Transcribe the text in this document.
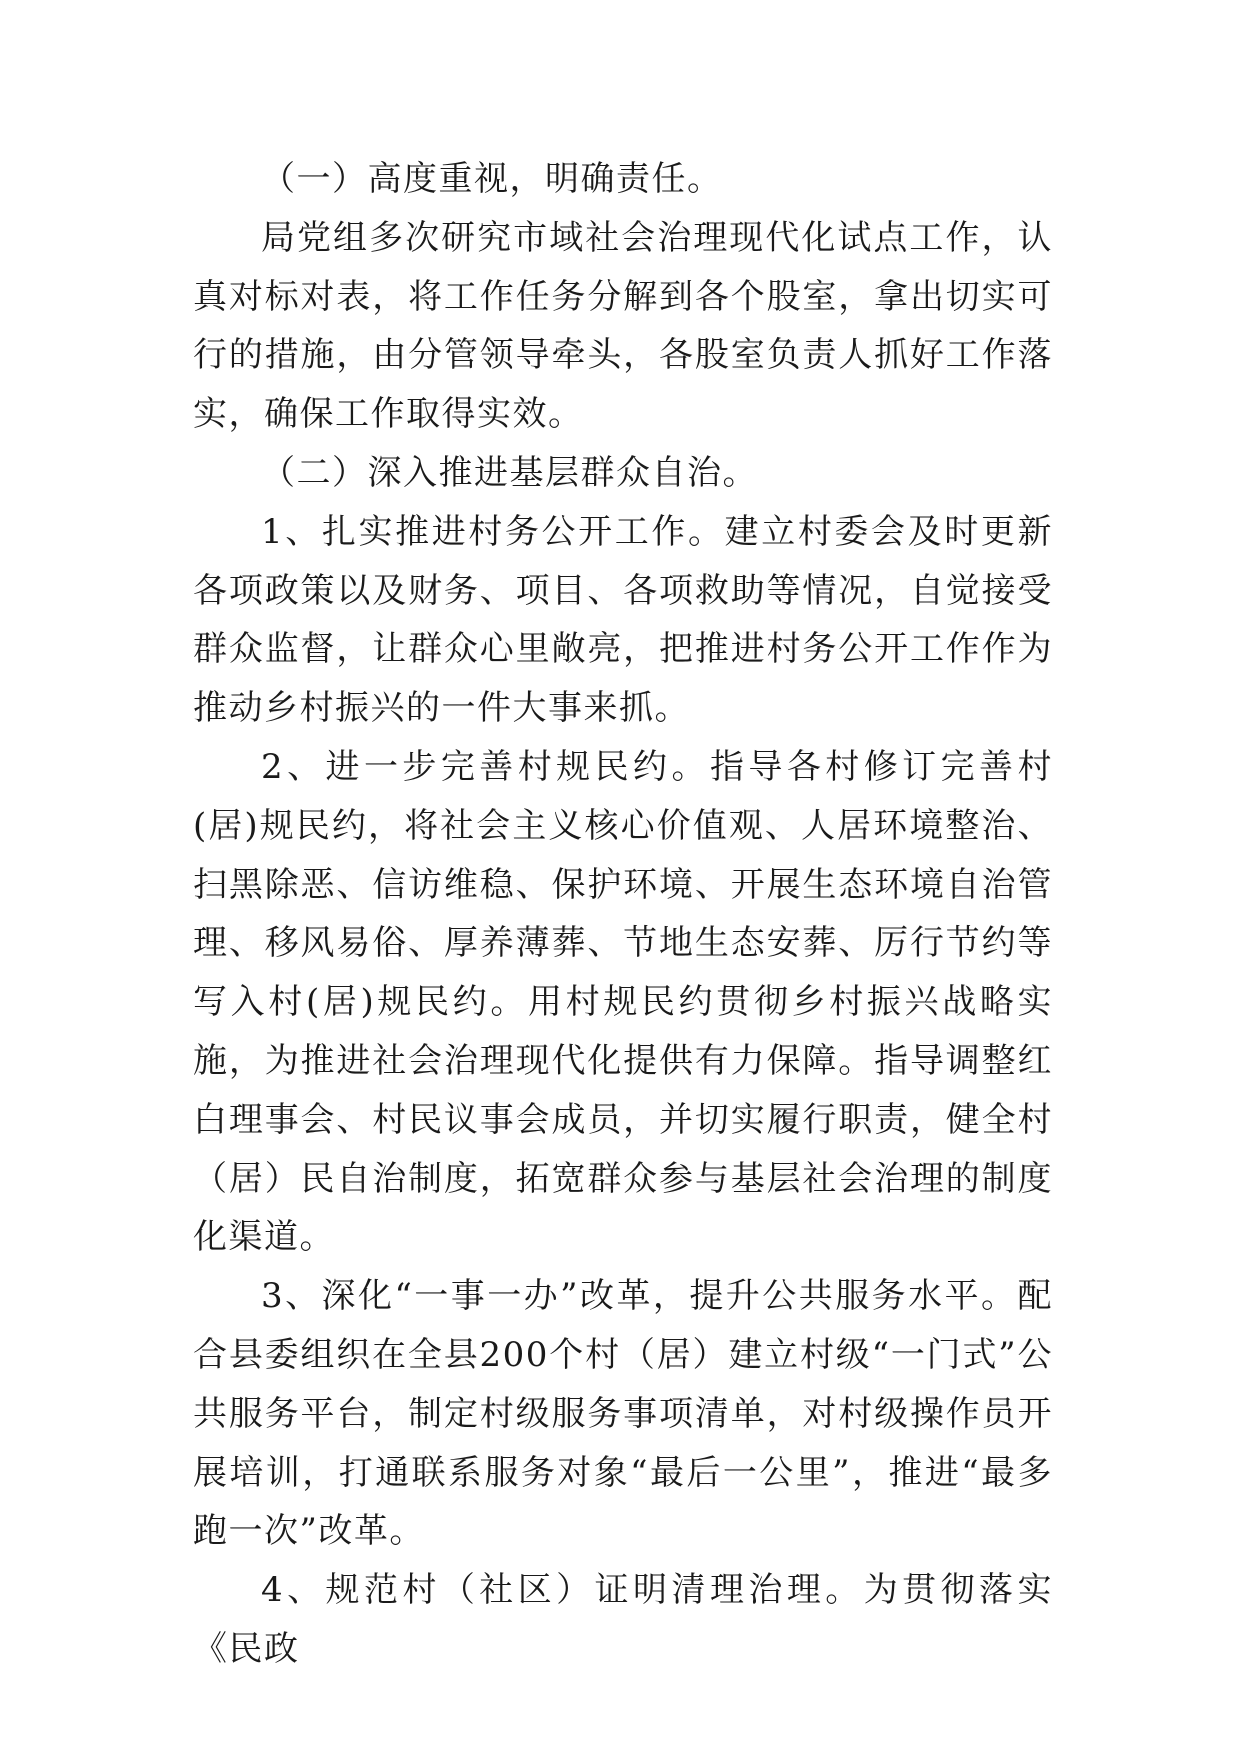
（一）高度重视，明确责任。

局党组多次研究市域社会治理现代化试点工作，认真对标对表，将工作任务分解到各个股室，拿出切实可行的措施，由分管领导牵头，各股室负责人抓好工作落实，确保工作取得实效。

（二）深入推进基层群众自治。

1、扎实推进村务公开工作。建立村委会及时更新各项政策以及财务、项目、各项救助等情况，自觉接受群众监督，让群众心里敞亮，把推进村务公开工作作为推动乡村振兴的一件大事来抓。

2、进一步完善村规民约。指导各村修订完善村(居)规民约，将社会主义核心价值观、人居环境整治、扫黑除恶、信访维稳、保护环境、开展生态环境自治管理、移风易俗、厚养薄葬、节地生态安葬、厉行节约等写入村(居)规民约。用村规民约贯彻乡村振兴战略实施，为推进社会治理现代化提供有力保障。指导调整红白理事会、村民议事会成员，并切实履行职责，健全村（居）民自治制度，拓宽群众参与基层社会治理的制度化渠道。

3、深化“一事一办”改革，提升公共服务水平。配合县委组织在全县200个村（居）建立村级“一门式”公共服务平台，制定村级服务事项清单，对村级操作员开展培训，打通联系服务对象“最后一公里”，推进“最多跑一次”改革。

4、规范村（社区）证明清理治理。为贯彻落实《民政
